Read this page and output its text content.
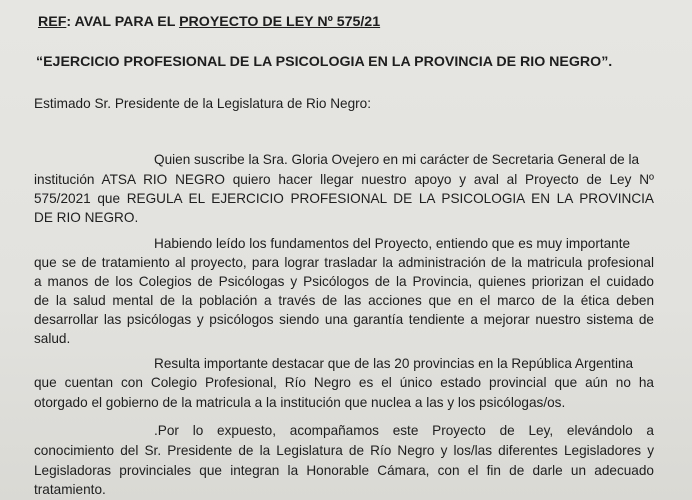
REF: AVAL PARA EL PROYECTO DE LEY Nº 575/21
“EJERCICIO PROFESIONAL DE LA PSICOLOGIA EN LA PROVINCIA DE RIO NEGRO”.
Estimado Sr. Presidente de la Legislatura de Rio Negro:
Quien suscribe la Sra. Gloria Ovejero en mi carácter de Secretaria General de la
institución ATSA RIO NEGRO quiero hacer llegar nuestro apoyo y aval al Proyecto de Ley Nº
575/2021 que REGULA EL EJERCICIO PROFESIONAL DE LA PSICOLOGIA EN LA PROVINCIA
DE RIO NEGRO.
Habiendo leído los fundamentos del Proyecto, entiendo que es muy importante
que se de tratamiento al proyecto, para lograr trasladar la administración de la matricula profesional
a manos de los Colegios de Psicólogas y Psicólogos de la Provincia, quienes priorizan el cuidado
de la salud mental de la población a través de las acciones que en el marco de la ética deben
desarrollar las psicólogas y psicólogos siendo una garantía tendiente a mejorar nuestro sistema de
salud.
Resulta importante destacar que de las 20 provincias en la República Argentina
que cuentan con Colegio Profesional, Río Negro es el único estado provincial que aún no ha
otorgado el gobierno de la matricula a la institución que nuclea a las y los psicólogas/os.
.Por lo expuesto, acompañamos este Proyecto de Ley, elevándolo a
conocimiento del Sr. Presidente de la Legislatura de Río Negro y los/las diferentes Legisladores y
Legisladoras provinciales que integran la Honorable Cámara, con el fin de darle un adecuado
tratamiento.
